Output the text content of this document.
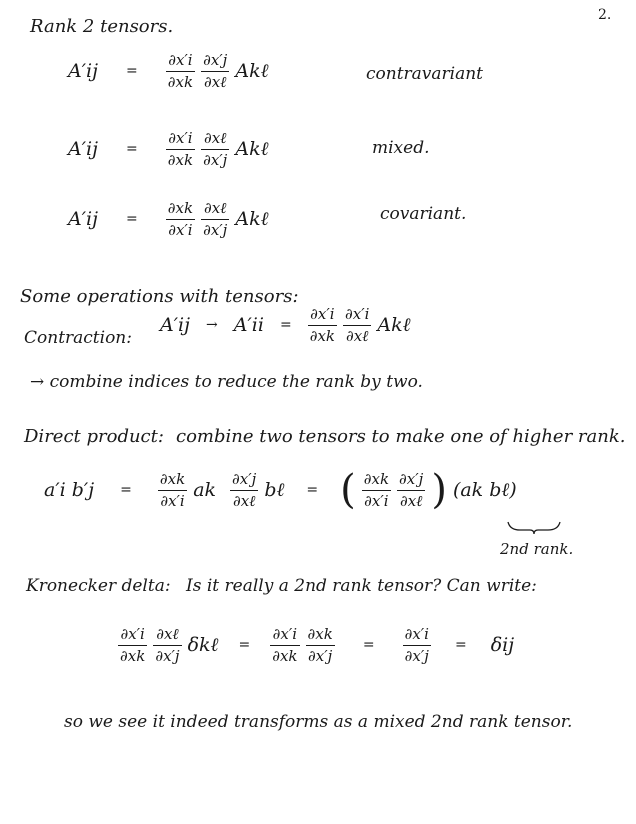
2.
Rank 2 tensors.
$A'ij = \frac{\partial x'i}{\partial xk} \frac{\partial x'j}{\text{∂xℓ}}$ Akℓ	contravariant
$A'ij = \frac{\partial x'i}{\partial xk} \frac{\text{∂xℓ}}{\partial x'j}$ Akℓ	mixed.
$A'ij = \frac{\partial xk}{\partial x'i} \frac{\text{∂xℓ}}{\partial x'j}$ Akℓ	covariant.
Some operations with tensors:
Contraction:
$A'ij \to A'ii = \frac{\partial x'i}{\partial xk} \frac{\partial x'i}{\text{∂xℓ}}$ Akℓ
→ combine indices to reduce the rank by two.
Direct product: combine two tensors to make one of higher rank.
a′i $b'j = \frac{\partial xk}{\partial x'i}$ ak $\frac{\partial x'j}{\text{∂xℓ}}$ bℓ = ( $\frac{\partial xk}{\partial x'i} \frac{\partial x'j}{\text{∂xℓ}}$ ) (ak bℓ)
2nd rank.
Kronecker delta: Is it really a 2nd rank tensor? Can write:
$\frac{\partial x'i}{\partial xk} \frac{\text{∂xℓ}}{\partial x'j}$ δkℓ = $\frac{\partial x'i}{\partial xk} \frac{\partial xk}{\partial x'j} = \frac{\partial x'i}{\partial x'j} = \delta ij$
so we see it indeed transforms as a mixed 2nd rank tensor.
